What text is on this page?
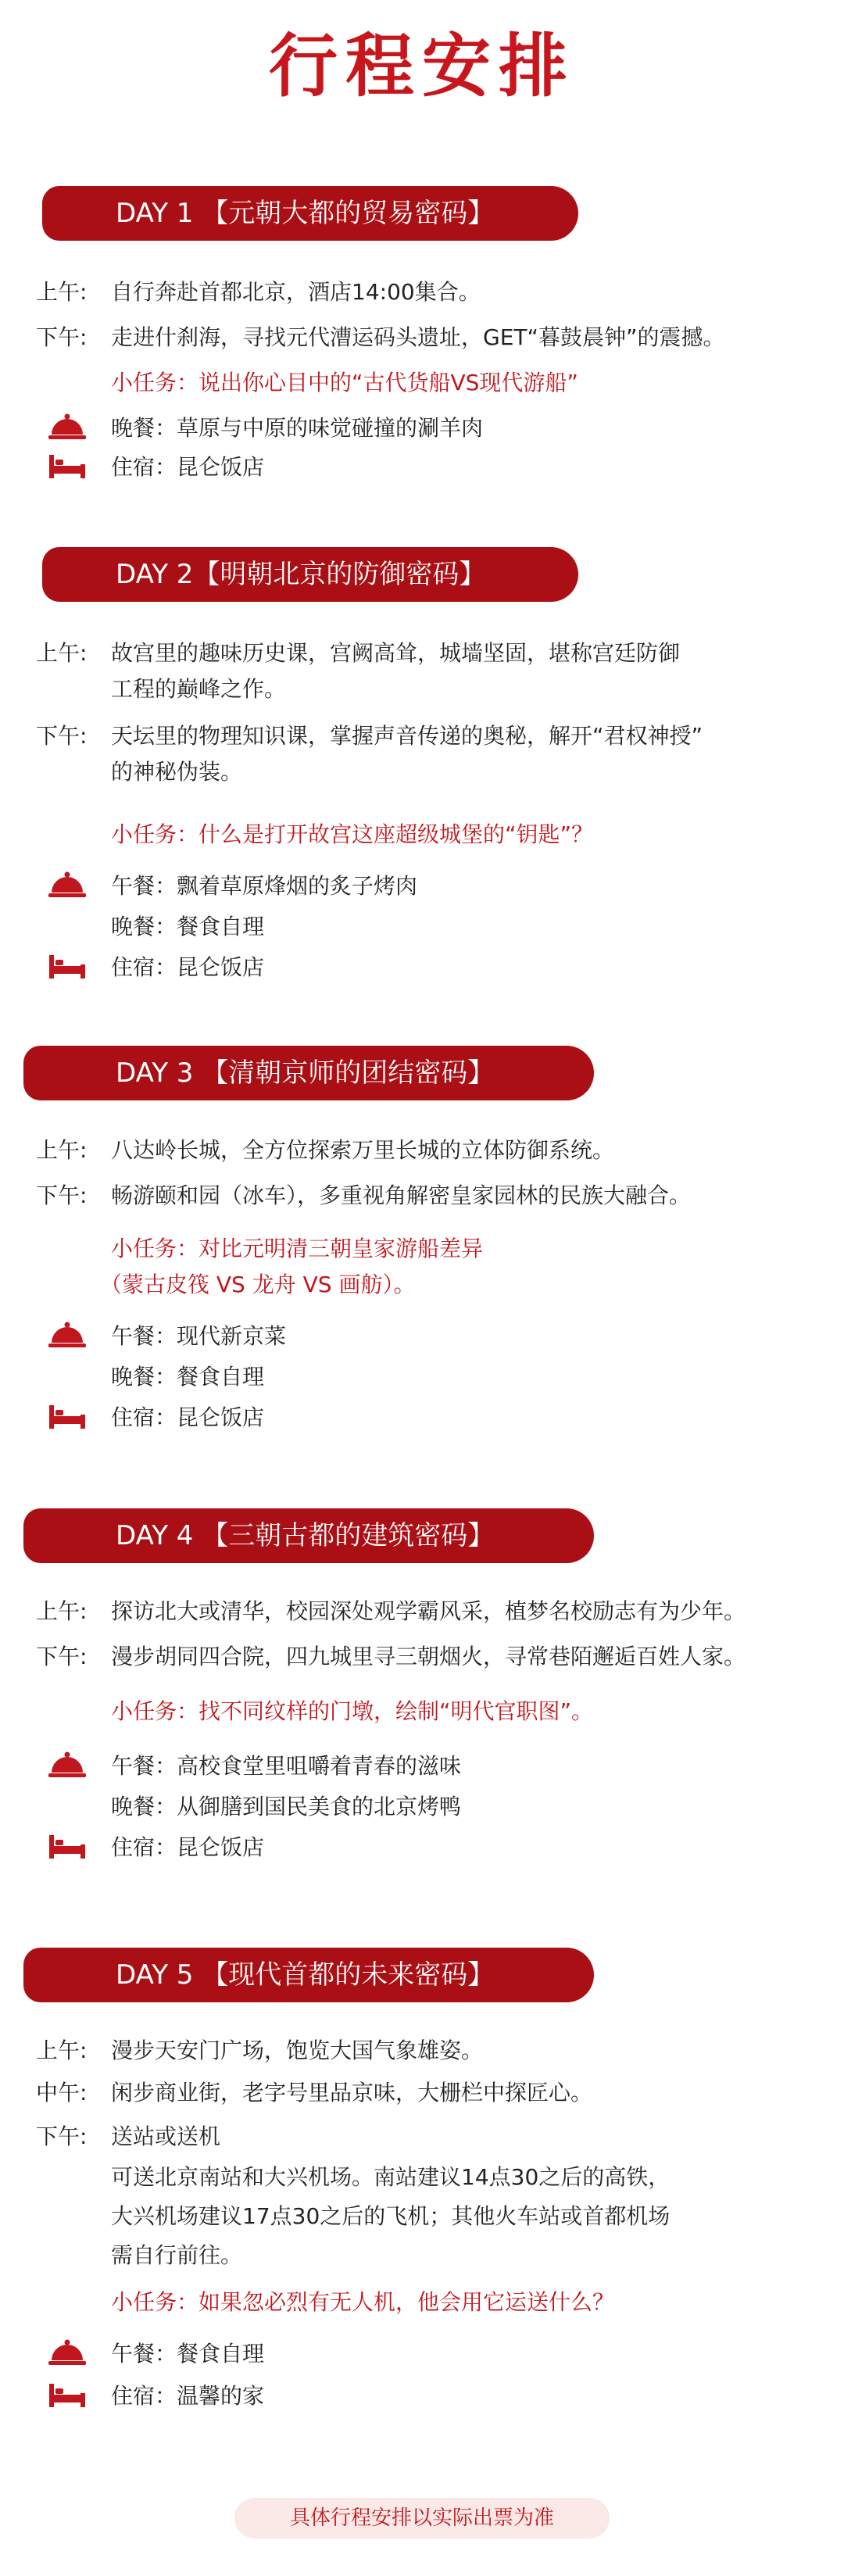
行程安排
DAY 1 【元朝大都的贸易密码】
上午: 自行奔赴首都北京，酒店14:00集合。
下午: 走进什刹海，寻找元代漕运码头遗址，GET“暮鼓晨钟”的震撼。
小任务：说出你心目中的“古代货船VS现代游船”
晚餐：草原与中原的味觉碰撞的涮羊肉
住宿：昆仑饭店
DAY 2【明朝北京的防御密码】
上午: 故宫里的趣味历史课，宫阙高耸，城墙坚固，堪称宫廷防御
工程的巅峰之作。
下午: 天坛里的物理知识课，掌握声音传递的奥秘，解开“君权神授”
的神秘伪装。
小任务：什么是打开故宫这座超级城堡的“钥匙”？
午餐：飘着草原烽烟的炙子烤肉
晚餐：餐食自理
住宿：昆仑饭店
DAY 3 【清朝京师的团结密码】
上午: 八达岭长城，全方位探索万里长城的立体防御系统。
下午: 畅游颐和园（冰车），多重视角解密皇家园林的民族大融合。
小任务：对比元明清三朝皇家游船差异
（蒙古皮筏 VS 龙舟 VS 画舫）。
午餐：现代新京菜
晚餐：餐食自理
住宿：昆仑饭店
DAY 4 【三朝古都的建筑密码】
上午: 探访北大或清华，校园深处观学霸风采，植梦名校励志有为少年。
下午: 漫步胡同四合院，四九城里寻三朝烟火，寻常巷陌邂逅百姓人家。
小任务：找不同纹样的门墩，绘制“明代官职图”。
午餐：高校食堂里咀嚼着青春的滋味
晚餐：从御膳到国民美食的北京烤鸭
住宿：昆仑饭店
DAY 5 【现代首都的未来密码】
上午: 漫步天安门广场，饱览大国气象雄姿。
中午: 闲步商业街，老字号里品京味，大栅栏中探匠心。
下午: 送站或送机
可送北京南站和大兴机场。南站建议14点30之后的高铁，
大兴机场建议17点30之后的飞机；其他火车站或首都机场
需自行前往。
小任务：如果忽必烈有无人机，他会用它运送什么？
午餐：餐食自理
住宿：温馨的家
具体行程安排以实际出票为准
